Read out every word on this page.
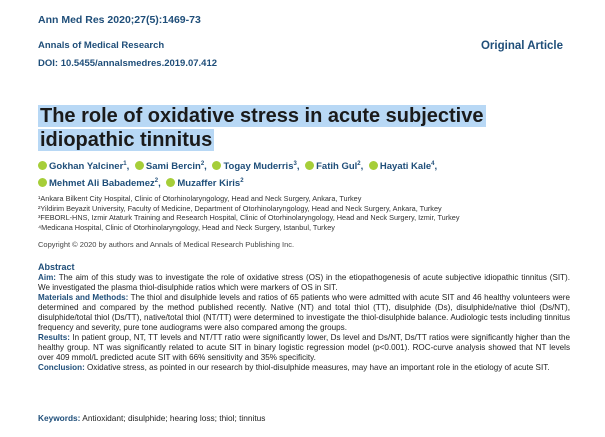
Ann Med Res 2020;27(5):1469-73
Annals of Medical Research
DOI: 10.5455/annalsmedres.2019.07.412
Original Article
The role of oxidative stress in acute subjective idiopathic tinnitus
Gokhan Yalciner$^1$, Sami Bercin$^2$, Togay Muderris$^3$, Fatih Gul$^2$, Hayati Kale$^4$, Mehmet Ali Babademez$^2$, Muzaffer Kiris$^2$
¹Ankara Bilkent City Hospital, Clinic of Otorhinolaryngology, Head and Neck Surgery, Ankara, Turkey
²Yildirim Beyazit University, Faculty of Medicine, Department of Otorhinolaryngology, Head and Neck Surgery, Ankara, Turkey
³FEBORL-HNS, Izmir Ataturk Training and Research Hospital, Clinic of Otorhinolaryngology, Head and Neck Surgery, Izmir, Turkey
⁴Medicana Hospital, Clinic of Otorhinolaryngology, Head and Neck Surgery, Istanbul, Turkey
Copyright © 2020 by authors and Annals of Medical Research Publishing Inc.
Abstract

Aim: The aim of this study was to investigate the role of oxidative stress (OS) in the etiopathogenesis of acute subjective idiopathic tinnitus (SIT). We investigated the plasma thiol-disulphide ratios which were markers of OS in SIT.

Materials and Methods: The thiol and disulphide levels and ratios of 65 patients who were admitted with acute SIT and 46 healthy volunteers were determined and compared by the method published recently. Native (NT) and total thiol (TT), disulphide (Ds), disulphide/native thiol (Ds/NT), disulphide/total thiol (Ds/TT), native/total thiol (NT/TT) were determined to investigate the thiol-disulphide balance. Audiologic tests including tinnitus frequency and severity, pure tone audiograms were also compared among the groups.

Results: In patient group, NT, TT levels and NT/TT ratio were significantly lower, Ds level and Ds/NT, Ds/TT ratios were significantly higher than the healthy group. NT was significantly related to acute SIT in binary logistic regression model (p<0.001). ROC-curve analysis showed that NT levels over 409 mmol/L predicted acute SIT with 66% sensitivity and 35% specificity.

Conclusion: Oxidative stress, as pointed in our research by thiol-disulphide measures, may have an important role in the etiology of acute SIT.

Keywords: Antioxidant; disulphide; hearing loss; thiol; tinnitus
